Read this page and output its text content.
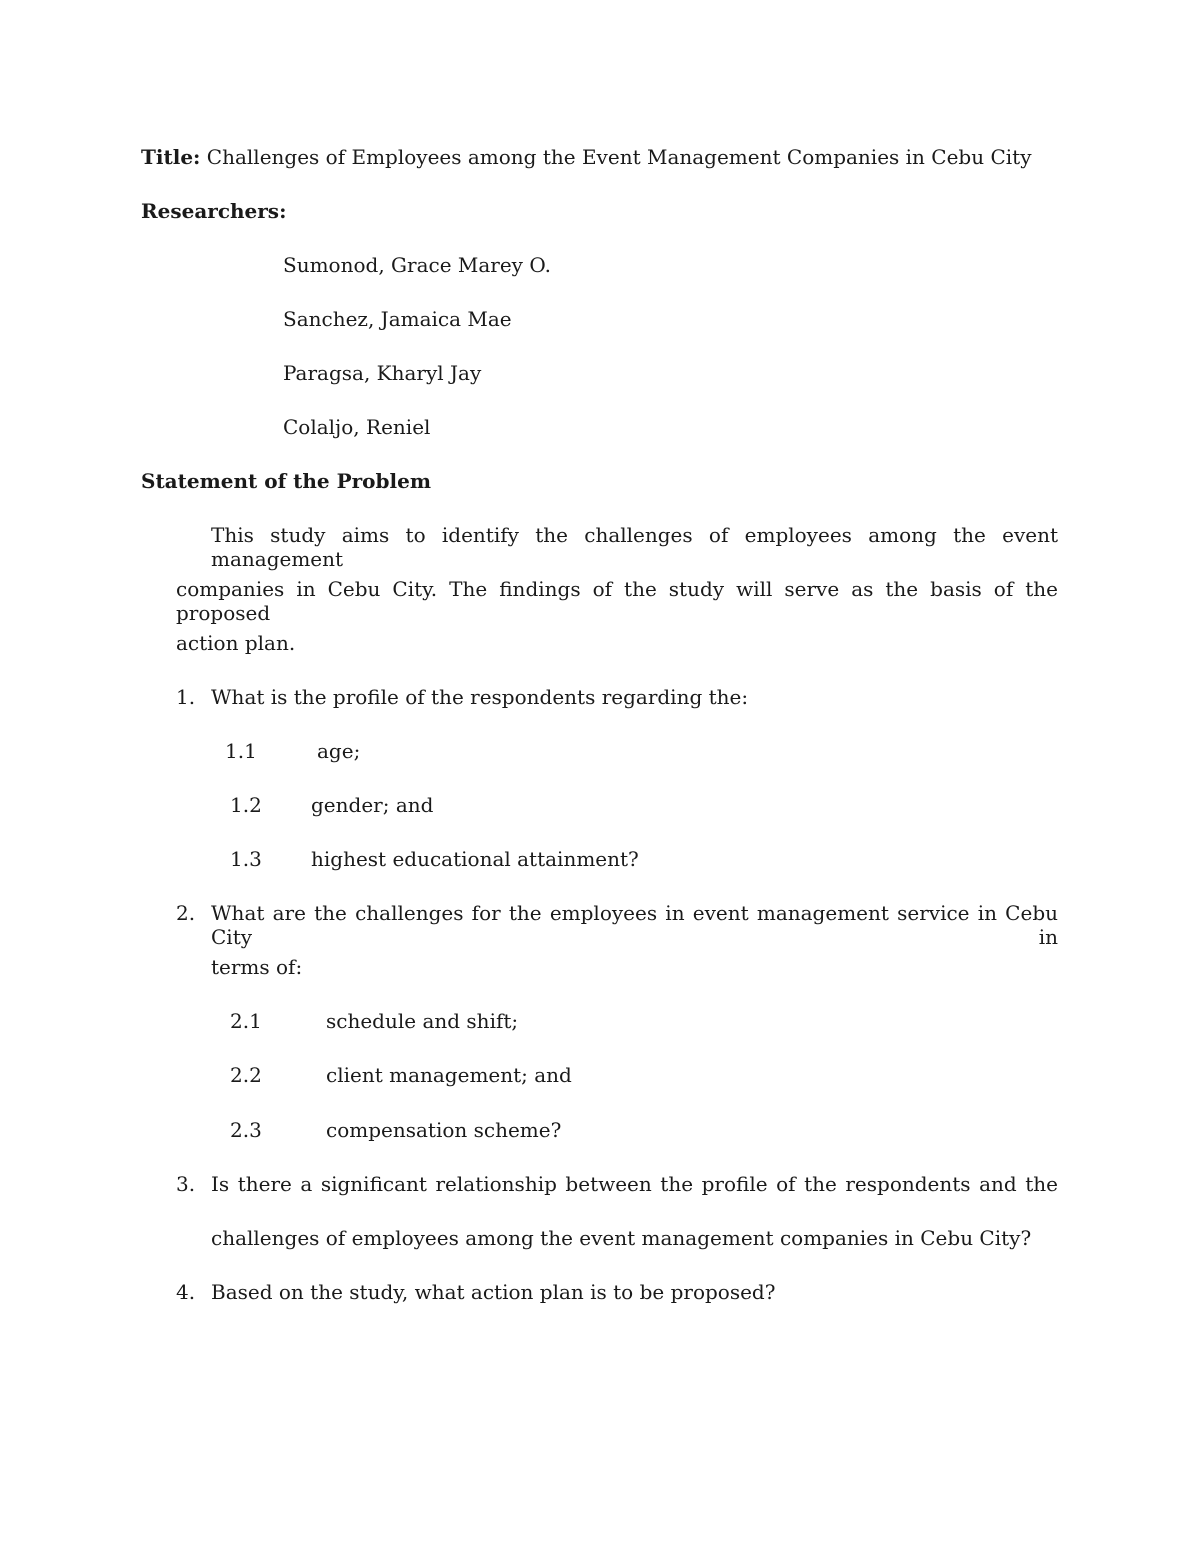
Title: Challenges of Employees among the Event Management Companies in Cebu City
Researchers:
Sumonod, Grace Marey O.
Sanchez, Jamaica Mae
Paragsa, Kharyl Jay
Colaljo, Reniel
Statement of the Problem
This study aims to identify the challenges of employees among the event management
companies in Cebu City. The findings of the study will serve as the basis of the proposed
action plan.
1. What is the profile of the respondents regarding the:
1.1	age;
1.2 gender; and
1.3 highest educational attainment?
2. What are the challenges for the employees in event management service in Cebu City in
terms of:
2.1	schedule and shift;
2.2	client management; and
2.3	compensation scheme?
3. Is there a significant relationship between the profile of the respondents and the
challenges of employees among the event management companies in Cebu City?
4. Based on the study, what action plan is to be proposed?
